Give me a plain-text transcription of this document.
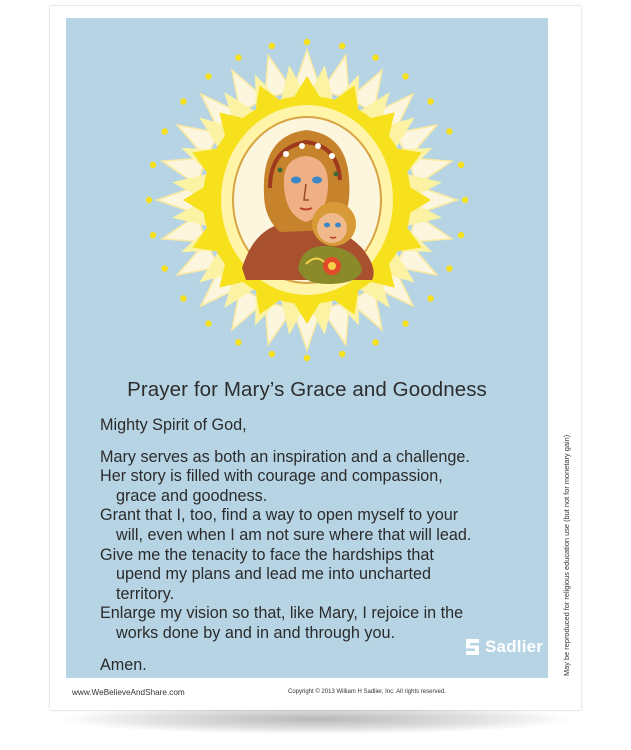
Prayer for Mary’s Grace and Goodness

Mighty Spirit of God,

Mary serves as both an inspiration and a challenge.

Her story is filled with courage and compassion,

grace and goodness.

Grant that I, too, find a way to open myself to your

will, even when I am not sure where that will lead.

Give me the tenacity to face the hardships that

upend my plans and lead me into uncharted

territory.

Enlarge my vision so that, like Mary, I rejoice in the

works done by and in and through you.

Amen.

Sadlier	May be reproduced for religious education use (but not for monetary gain)
www.WeBelieveAndShare.com	Copyright © 2013 William H Sadlier, Inc. All rights reserved.
